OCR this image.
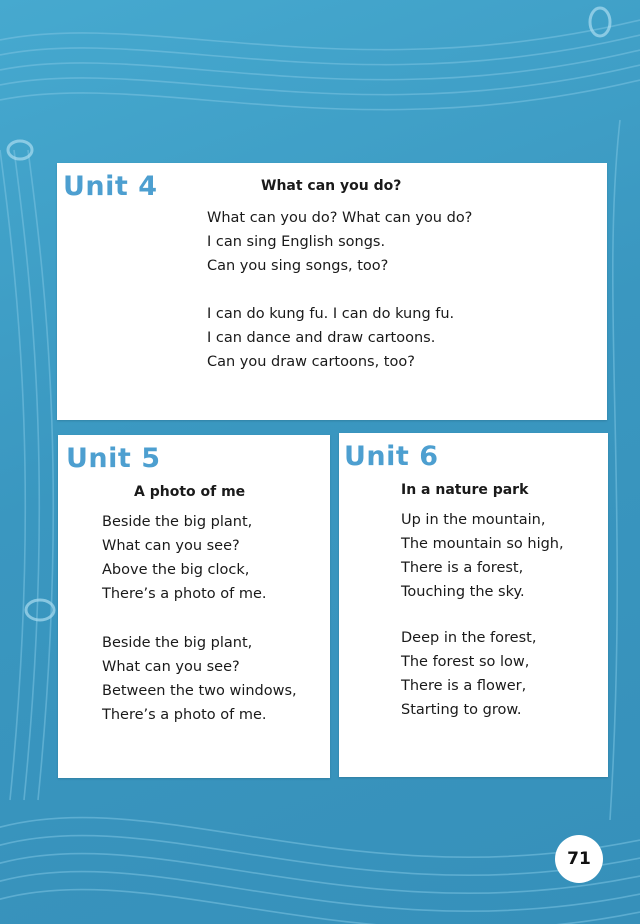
Unit 4	What can you do?
What can you do? What can you do?
I can sing English songs.
Can you sing songs, too?
I can do kung fu. I can do kung fu.
I can dance and draw cartoons.
Can you draw cartoons, too?
Unit 5
A photo of me
Beside the big plant,
What can you see?
Above the big clock,
There’s a photo of me.
Beside the big plant,
What can you see?
Between the two windows,
There’s a photo of me.
Unit 6
In a nature park
Up in the mountain,
The mountain so high,
There is a forest,
Touching the sky.
Deep in the forest,
The forest so low,
There is a flower,
Starting to grow.
71
